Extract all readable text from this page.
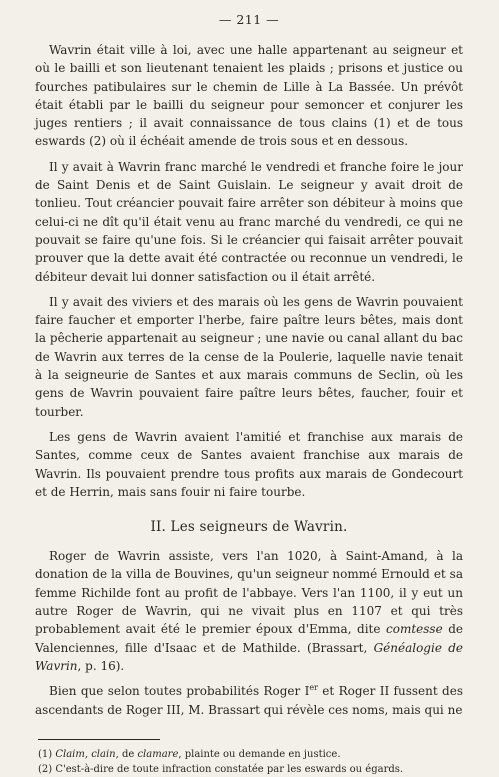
— 211 —

Wavrin était ville à loi, avec une halle appartenant au seigneur et où le bailli et son lieutenant tenaient les plaids ; prisons et justice ou fourches patibulaires sur le chemin de Lille à La Bassée. Un prévôt était établi par le bailli du seigneur pour semoncer et conjurer les juges rentiers ; il avait connaissance de tous clains (1) et de tous eswards (2) où il échéait amende de trois sous et en dessous.

Il y avait à Wavrin franc marché le vendredi et franche foire le jour de Saint Denis et de Saint Guislain. Le seigneur y avait droit de tonlieu. Tout créancier pouvait faire arrêter son débiteur à moins que celui-ci ne dît qu'il était venu au franc marché du vendredi, ce qui ne pouvait se faire qu'une fois. Si le créancier qui faisait arrêter pouvait prouver que la dette avait été contractée ou reconnue un vendredi, le débiteur devait lui donner satisfaction ou il était arrêté.

Il y avait des viviers et des marais où les gens de Wavrin pouvaient faire faucher et emporter l'herbe, faire paître leurs bêtes, mais dont la pêcherie appartenait au seigneur ; une navie ou canal allant du bac de Wavrin aux terres de la cense de la Poulerie, laquelle navie tenait à la seigneurie de Santes et aux marais communs de Seclin, où les gens de Wavrin pouvaient faire paître leurs bêtes, faucher, fouir et tourber.

Les gens de Wavrin avaient l'amitié et franchise aux marais de Santes, comme ceux de Santes avaient franchise aux marais de Wavrin. Ils pouvaient prendre tous profits aux marais de Gondecourt et de Herrin, mais sans fouir ni faire tourbe.

II. Les seigneurs de Wavrin.

Roger de Wavrin assiste, vers l'an 1020, à Saint-Amand, à la donation de la villa de Bouvines, qu'un seigneur nommé Ernould et sa femme Richilde font au profit de l'abbaye. Vers l'an 1100, il y eut un autre Roger de Wavrin, qui ne vivait plus en 1107 et qui très probablement avait été le premier époux d'Emma, dite comtesse de Valenciennes, fille d'Isaac et de Mathilde. (Brassart, Généalogie de Wavrin, p. 16).

Bien que selon toutes probabilités Roger Ier et Roger II fussent des ascendants de Roger III, M. Brassart qui révèle ces noms, mais qui ne

(1) Claim, clain, de clamare, plainte ou demande en justice.

(2) C'est-à-dire de toute infraction constatée par les eswards ou égards.
